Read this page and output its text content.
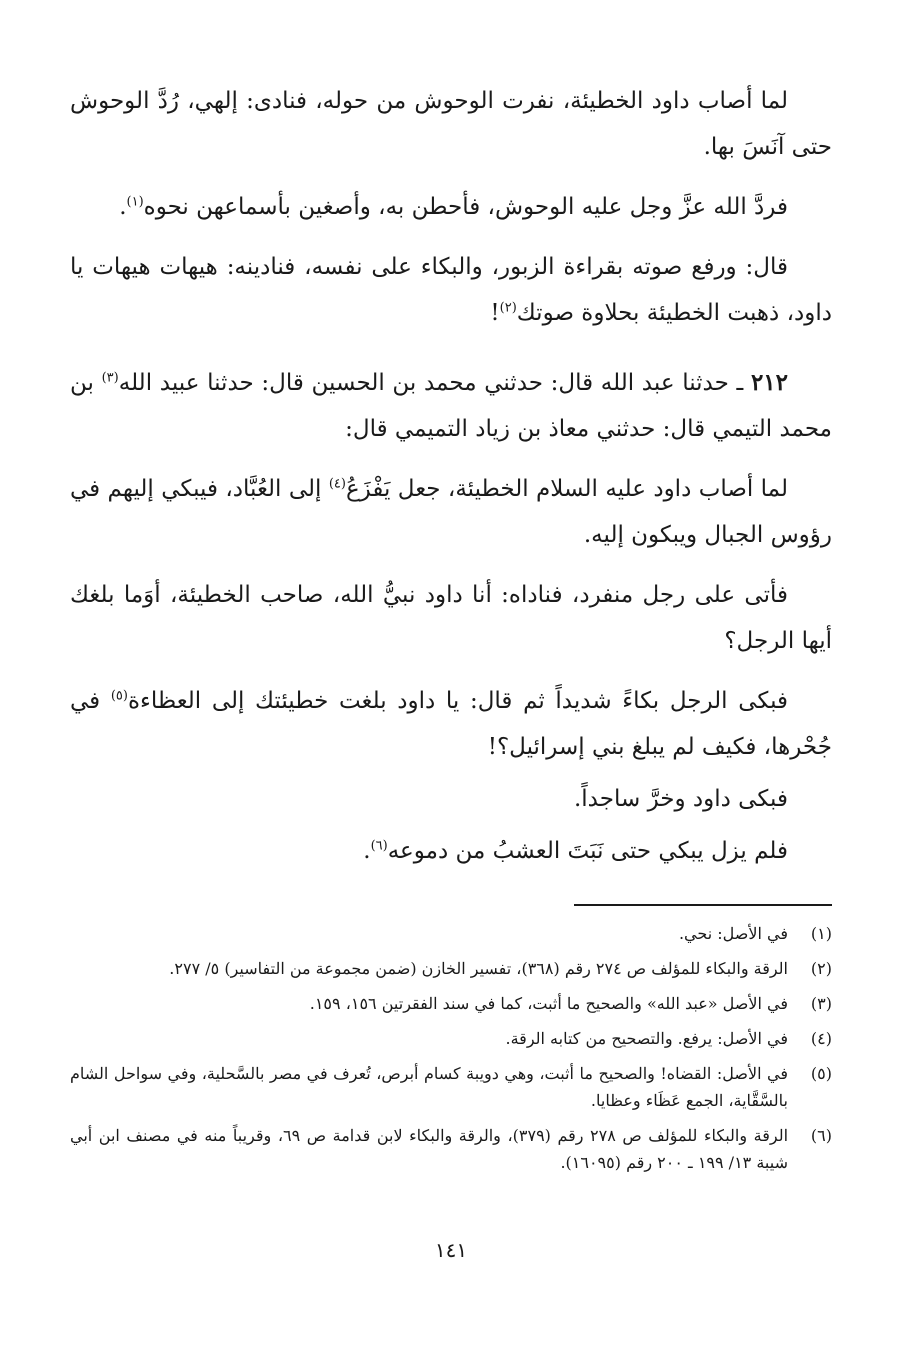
لما أصاب داود الخطيئة، نفرت الوحوش من حوله، فنادى: إلهي، رُدَّ الوحوش حتى آنَسَ بها.

فردَّ الله عزَّ وجل عليه الوحوش، فأحطن به، وأصغين بأسماعهن نحوه$^{(١)}$.

قال: ورفع صوته بقراءة الزبور، والبكاء على نفسه، فنادينه: هيهات هيهات يا داود، ذهبت الخطيئة بحلاوة صوتك$^{(٢)}$!

٢١٢ ـ حدثنا عبد الله قال: حدثني محمد بن الحسين قال: حدثنا عبيد الله$^{(٣)}$ بن محمد التيمي قال: حدثني معاذ بن زياد التميمي قال:

لما أصاب داود عليه السلام الخطيئة، جعل يَفْزَعُ$^{(٤)}$ إلى العُبَّاد، فيبكي إليهم في رؤوس الجبال ويبكون إليه.

فأتى على رجل منفرد، فناداه: أنا داود نبيُّ الله، صاحب الخطيئة، أوَما بلغك أيها الرجل؟

فبكى الرجل بكاءً شديداً ثم قال: يا داود بلغت خطيئتك إلى العظاءة$^{(٥)}$ في جُحْرها، فكيف لم يبلغ بني إسرائيل؟!

فبكى داود وخرَّ ساجداً.

فلم يزل يبكي حتى نَبَتَ العشبُ من دموعه$^{(٦)}$.

(١)
في الأصل: نحي.
(٢)
الرقة والبكاء للمؤلف ص ٢٧٤ رقم (٣٦٨)، تفسير الخازن (ضمن مجموعة من التفاسير) ٥/ ٢٧٧.
(٣)
في الأصل «عبد الله» والصحيح ما أثبت، كما في سند الفقرتين ١٥٦، ١٥٩.
(٤)
في الأصل: يرفع. والتصحيح من كتابه الرقة.
(٥)
في الأصل: القضاه! والصحيح ما أثبت، وهي دويبة كسام أبرص، تُعرف في مصر بالسَّحلية، وفي سواحل الشام بالسَّقَّاية، الجمع عَظَاء وعظايا.
(٦)
الرقة والبكاء للمؤلف ص ٢٧٨ رقم (٣٧٩)، والرقة والبكاء لابن قدامة ص ٦٩، وقريباً منه في مصنف ابن أبي شيبة ١٣/ ١٩٩ ـ ٢٠٠ رقم (١٦٠٩٥).
١٤١
